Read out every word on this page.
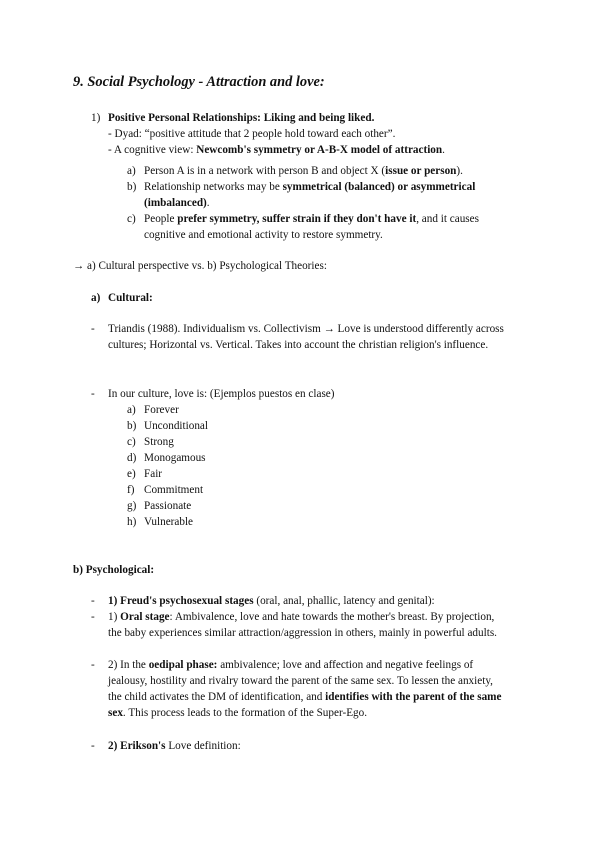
9. Social Psychology - Attraction and love:
1) Positive Personal Relationships: Liking and being liked.
- Dyad: “positive attitude that 2 people hold toward each other”.
- A cognitive view: Newcomb's symmetry or A-B-X model of attraction.
a) Person A is in a network with person B and object X (issue or person).
b) Relationship networks may be symmetrical (balanced) or asymmetrical (imbalanced).
c) People prefer symmetry, suffer strain if they don't have it, and it causes cognitive and emotional activity to restore symmetry.
→ a) Cultural perspective vs. b) Psychological Theories:
a) Cultural:
- Triandis (1988). Individualism vs. Collectivism → Love is understood differently across cultures; Horizontal vs. Vertical. Takes into account the christian religion's influence.
- In our culture, love is: (Ejemplos puestos en clase)
a) Forever
b) Unconditional
c) Strong
d) Monogamous
e) Fair
f) Commitment
g) Passionate
h) Vulnerable
b) Psychological:
- 1) Freud's psychosexual stages (oral, anal, phallic, latency and genital):
- 1) Oral stage: Ambivalence, love and hate towards the mother's breast. By projection, the baby experiences similar attraction/aggression in others, mainly in powerful adults.
- 2) In the oedipal phase: ambivalence; love and affection and negative feelings of jealousy, hostility and rivalry toward the parent of the same sex. To lessen the anxiety, the child activates the DM of identification, and identifies with the parent of the same sex. This process leads to the formation of the Super-Ego.
- 2) Erikson's Love definition:
